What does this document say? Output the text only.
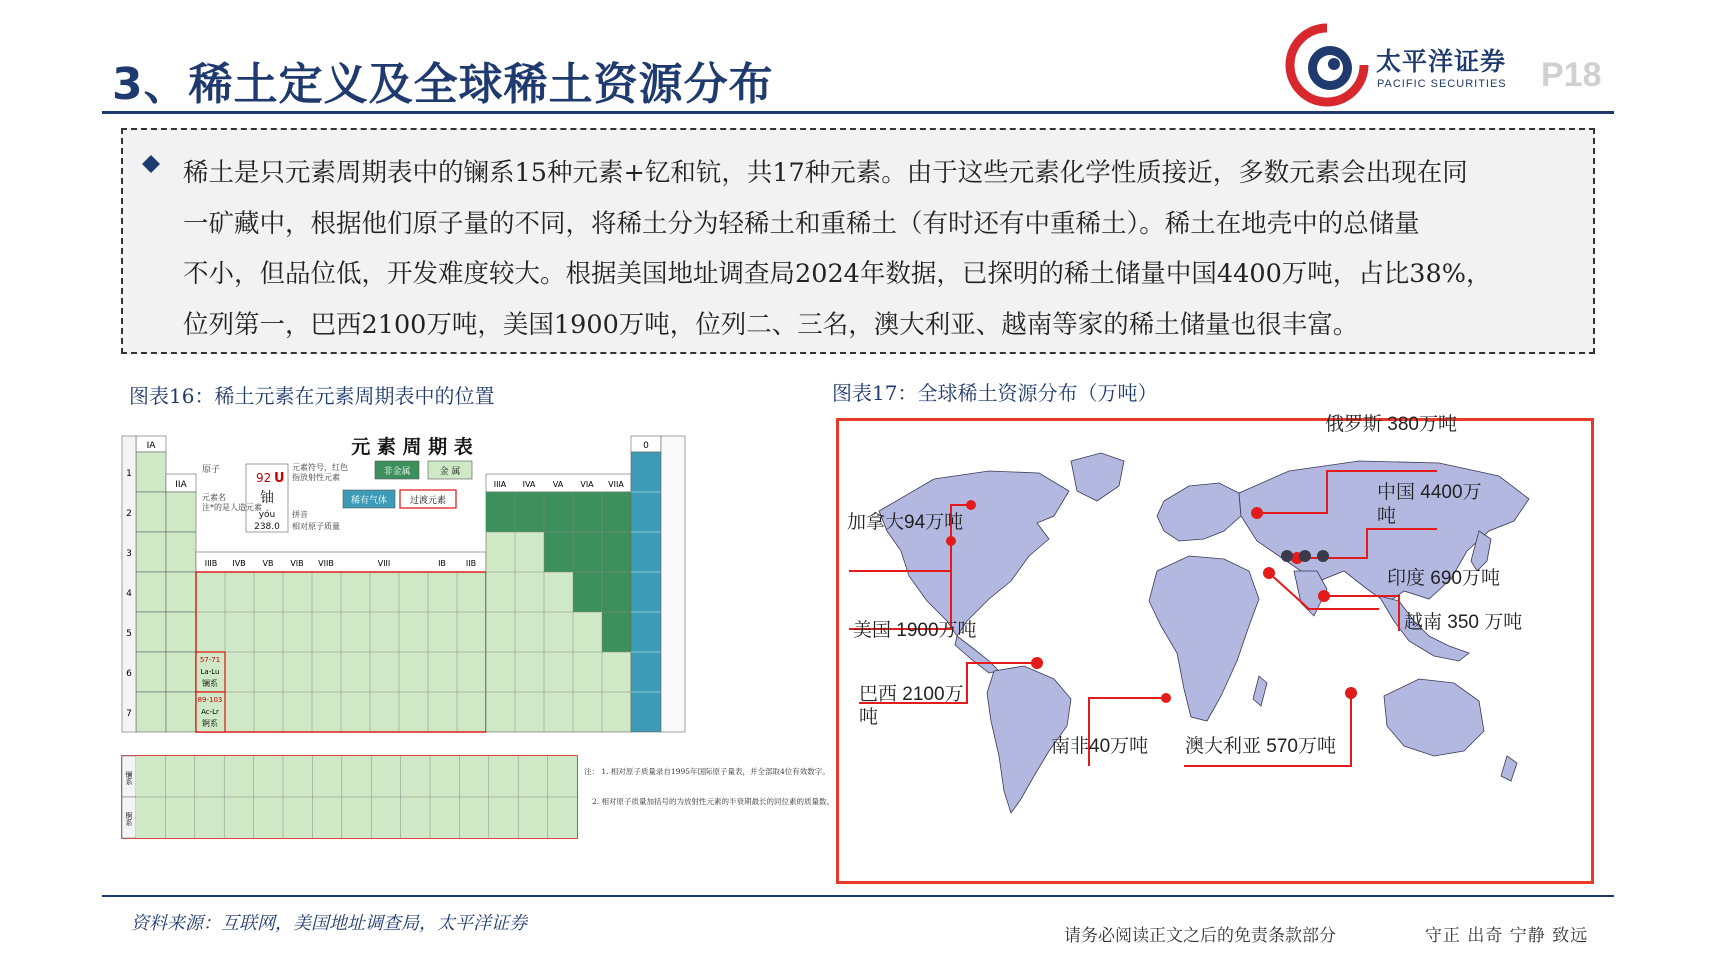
3、稀土定义及全球稀土资源分布	太平洋证券
PACIFIC SECURITIES P18
稀土是只元素周期表中的镧系15种元素+钇和钪，共17种元素。由于这些元素化学性质接近，多数元素会出现在同
一矿藏中，根据他们原子量的不同，将稀土分为轻稀土和重稀土（有时还有中重稀土）。稀土在地壳中的总储量
不小，但品位低，开发难度较大。根据美国地址调查局2024年数据，已探明的稀土储量中国4400万吨，占比38%，
位列第一，巴西2100万吨，美国1900万吨，位列二、三名，澳大利亚、越南等家的稀土储量也很丰富。
图表16：稀土元素在元素周期表中的位置	图表17：全球稀土资源分布（万吨）
元 素 周 期 表
IA
1
2
3
4
5
6
7
IIA
原子
92 U
铀
yóu
238.0
元素符号，红色
指放射性元素
元素名
注*的是人造元素
拼音
相对原子质量
非金属	金 属
稀有气体	过渡元素
IIIB IVB VB VIB VIIB	VIII	IB IIB
57-71
La-Lu
镧系
89-103
Ac-Lr
锕系
IIIA IVA VA VIA VIIA
0
镧系
锕系
注： 1. 相对原子质量录自1995年国际原子量表，并全部取4位有效数字。
2. 相对原子质量加括号的为放射性元素的半衰期最长的同位素的质量数。
俄罗斯 380万吨
中国 4400万
吨
加拿大94万吨
印度 690万吨
越南 350 万吨
美国 1900万吨
巴西 2100万
吨
南非40万吨 澳大利亚 570万吨
资料来源：互联网，美国地址调查局，太平洋证券
请务必阅读正文之后的免责条款部分	守正 出奇 宁静 致远
